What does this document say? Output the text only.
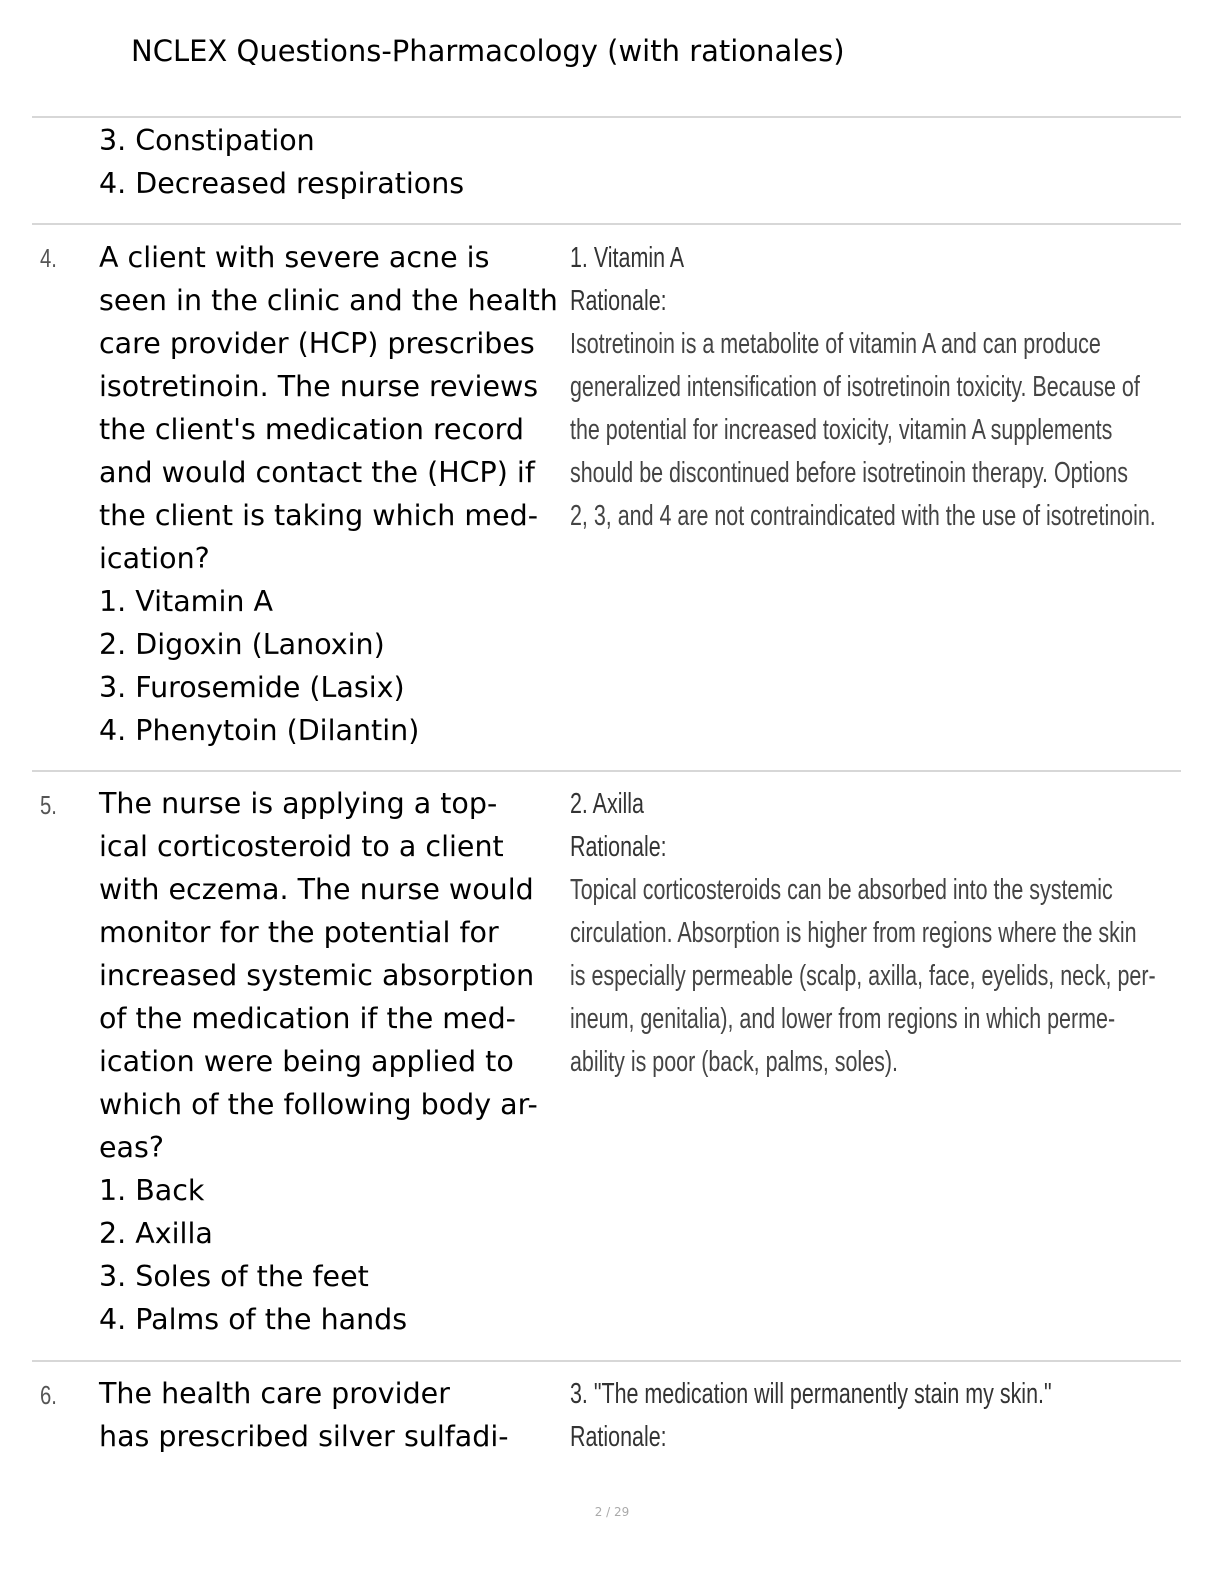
NCLEX Questions-Pharmacology (with rationales)
3. Constipation
4. Decreased respirations
4. A client with severe acne is
seen in the clinic and the health
care provider (HCP) prescribes
isotretinoin. The nurse reviews
the client's medication record
and would contact the (HCP) if
the client is taking which med-
ication?
1. Vitamin A
2. Digoxin (Lanoxin)
3. Furosemide (Lasix)
4. Phenytoin (Dilantin)
1. Vitamin A
Rationale:
Isotretinoin is a metabolite of vitamin A and can produce
generalized intensification of isotretinoin toxicity. Because of
the potential for increased toxicity, vitamin A supplements
should be discontinued before isotretinoin therapy. Options
2, 3, and 4 are not contraindicated with the use of isotretinoin.
5. The nurse is applying a top-
ical corticosteroid to a client
with eczema. The nurse would
monitor for the potential for
increased systemic absorption
of the medication if the med-
ication were being applied to
which of the following body ar-
eas?
1. Back
2. Axilla
3. Soles of the feet
4. Palms of the hands
2. Axilla
Rationale:
Topical corticosteroids can be absorbed into the systemic
circulation. Absorption is higher from regions where the skin
is especially permeable (scalp, axilla, face, eyelids, neck, per-
ineum, genitalia), and lower from regions in which perme-
ability is poor (back, palms, soles).
6. The health care provider
has prescribed silver sulfadi-
3. "The medication will permanently stain my skin."
Rationale:
2 / 29
